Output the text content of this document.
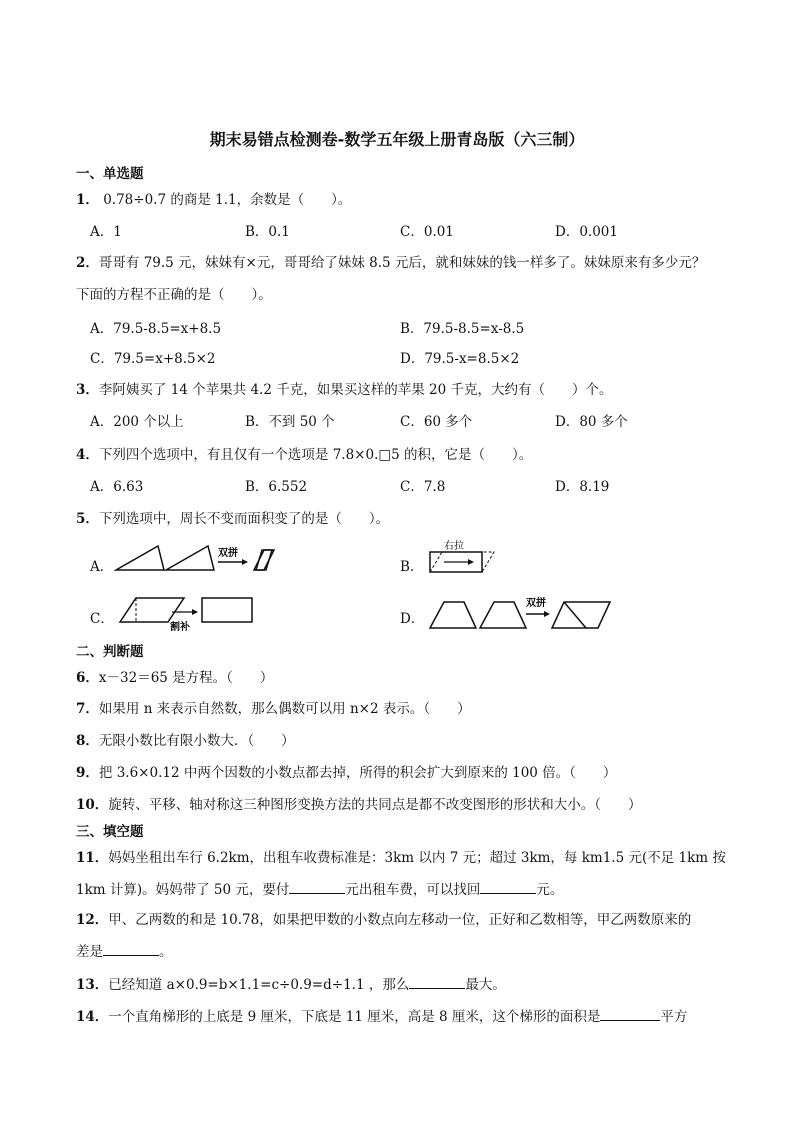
期末易错点检测卷-数学五年级上册青岛版（六三制）
一、单选题
1． 0.78÷0.7 的商是 1.1，余数是（　　）。
A．1	B．0.1	C．0.01	D．0.001
2．哥哥有 79.5 元，妹妹有×元，哥哥给了妹妹 8.5 元后，就和妹妹的钱一样多了。妹妹原来有多少元？
下面的方程不正确的是（　　）。
A．79.5-8.5=x+8.5	B．79.5-8.5=x-8.5
C．79.5=x+8.5×2	D．79.5-x=8.5×2
3．李阿姨买了 14 个苹果共 4.2 千克，如果买这样的苹果 20 千克，大约有（　　）个。
A．200 个以上	B．不到 50 个	C．60 多个	D．80 多个
4．下列四个选项中，有且仅有一个选项是 7.8×0.□5 的积，它是（　　）。
A．6.63	B．6.552	C．7.8	D．8.19
5．下列选项中，周长不变而面积变了的是（　　）。
A．
双拼
B．
右拉
C．
割补
D．
双拼
二、判断题
6．x－32＝65 是方程。（　　）
7．如果用 n 来表示自然数，那么偶数可以用 n×2 表示。（　　）
8．无限小数比有限小数大．（　　）
9．把 3.6×0.12 中两个因数的小数点都去掉，所得的积会扩大到原来的 100 倍。（　　）
10．旋转、平移、轴对称这三种图形变换方法的共同点是都不改变图形的形状和大小。（　　）
三、填空题
11．妈妈坐租出车行 6.2km，出租车收费标准是：3km 以内 7 元；超过 3km，每 km1.5 元(不足 1km 按
1km 计算)。妈妈带了 50 元，要付	元出租车费，可以找回	元。
12．甲、乙两数的和是 10.78，如果把甲数的小数点向左移动一位，正好和乙数相等，甲乙两数原来的
差是	。
13．已经知道 a×0.9=b×1.1=c÷0.9=d÷1.1 ，那么	最大。
14．一个直角梯形的上底是 9 厘米，下底是 11 厘米，高是 8 厘米，这个梯形的面积是	平方
